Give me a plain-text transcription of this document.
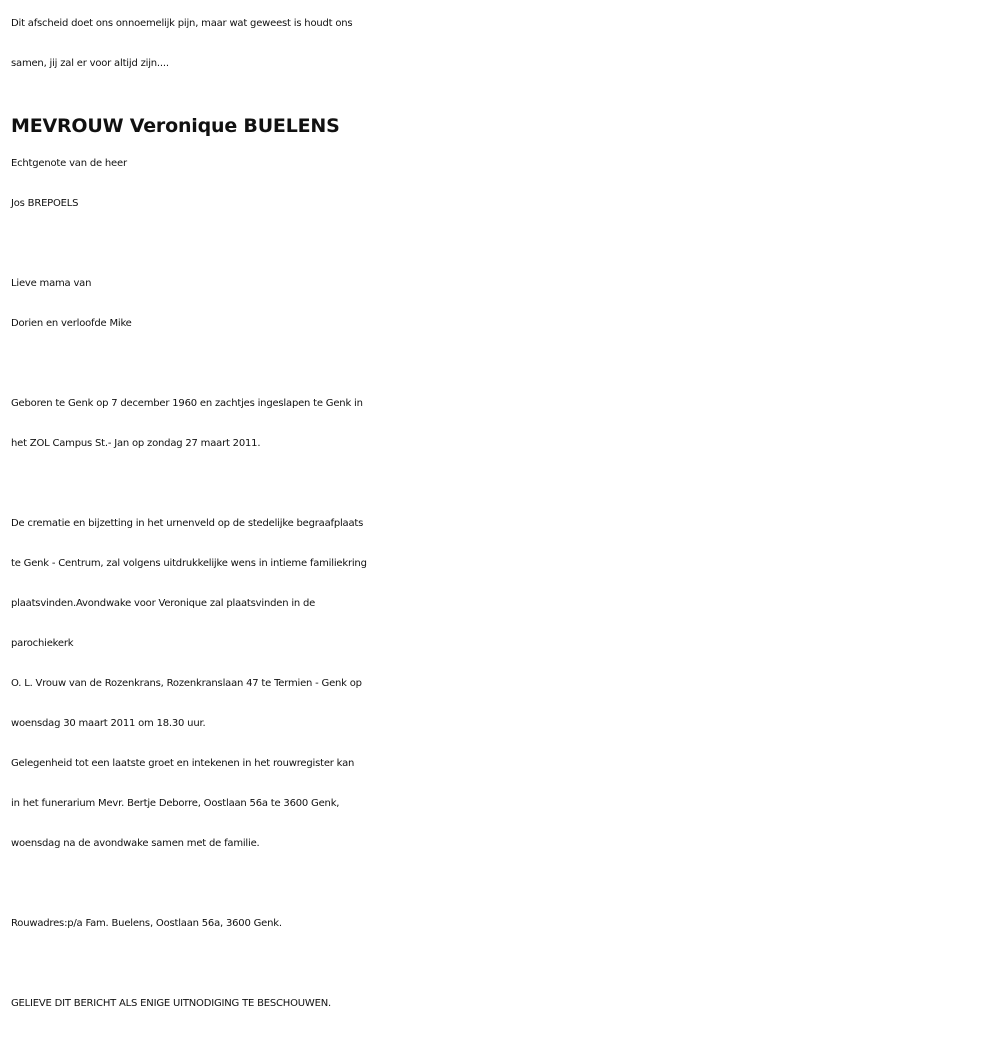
Dit afscheid doet ons onnoemelijk pijn, maar wat geweest is houdt ons
samen, jij zal er voor altijd zijn....
MEVROUW Veronique BUELENS
Echtgenote van de heer
Jos BREPOELS
Lieve mama van
Dorien en verloofde Mike
Geboren te Genk op 7 december 1960 en zachtjes ingeslapen te Genk in
het ZOL Campus St.- Jan op zondag 27 maart 2011.
De crematie en bijzetting in het urnenveld op de stedelijke begraafplaats
te Genk - Centrum, zal volgens uitdrukkelijke wens in intieme familiekring
plaatsvinden.Avondwake voor Veronique zal plaatsvinden in de
parochiekerk
O. L. Vrouw van de Rozenkrans, Rozenkranslaan 47 te Termien - Genk op
woensdag 30 maart 2011 om 18.30 uur.
Gelegenheid tot een laatste groet en intekenen in het rouwregister kan
in het funerarium Mevr. Bertje Deborre, Oostlaan 56a te 3600 Genk,
woensdag na de avondwake samen met de familie.
Rouwadres:p/a Fam. Buelens, Oostlaan 56a, 3600 Genk.
GELIEVE DIT BERICHT ALS ENIGE UITNODIGING TE BESCHOUWEN.
